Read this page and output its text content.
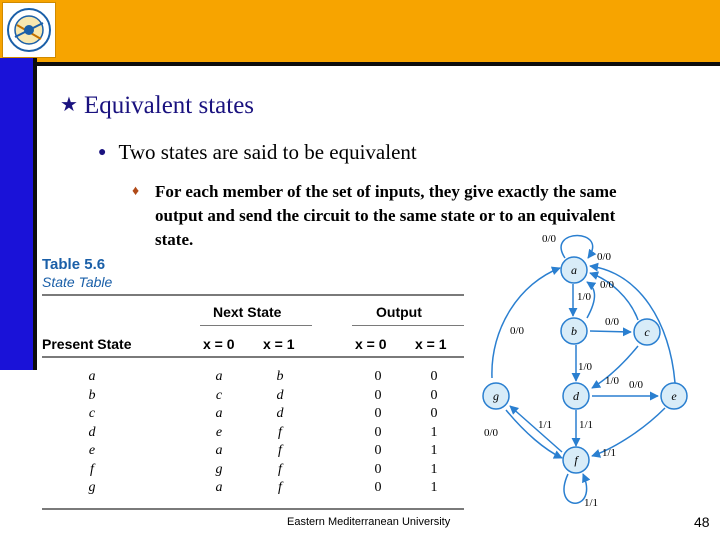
★ Equivalent states
● Two states are said to be equivalent
♦ For each member of the set of inputs, they give exactly the same output and send the circuit to the same state or to an equivalent state.
Table 5.6
State Table
Next State	Output
Present State	x = 0 x = 1	x = 0 x = 1
a	a	b	0	0
b	c	d	0	0
c	a	d	0	0
d	e	f	0	1
e	a	f	0	1
f	g	f	0	1
g	a	f	0	1
a
b	c
d	e
f
g
0/0
0/0
0/0
1/0
0/0
0/0
1/0
1/0 0/0
1/1 1/1
0/0
1/1
1/1
Eastern Mediterranean University	48
